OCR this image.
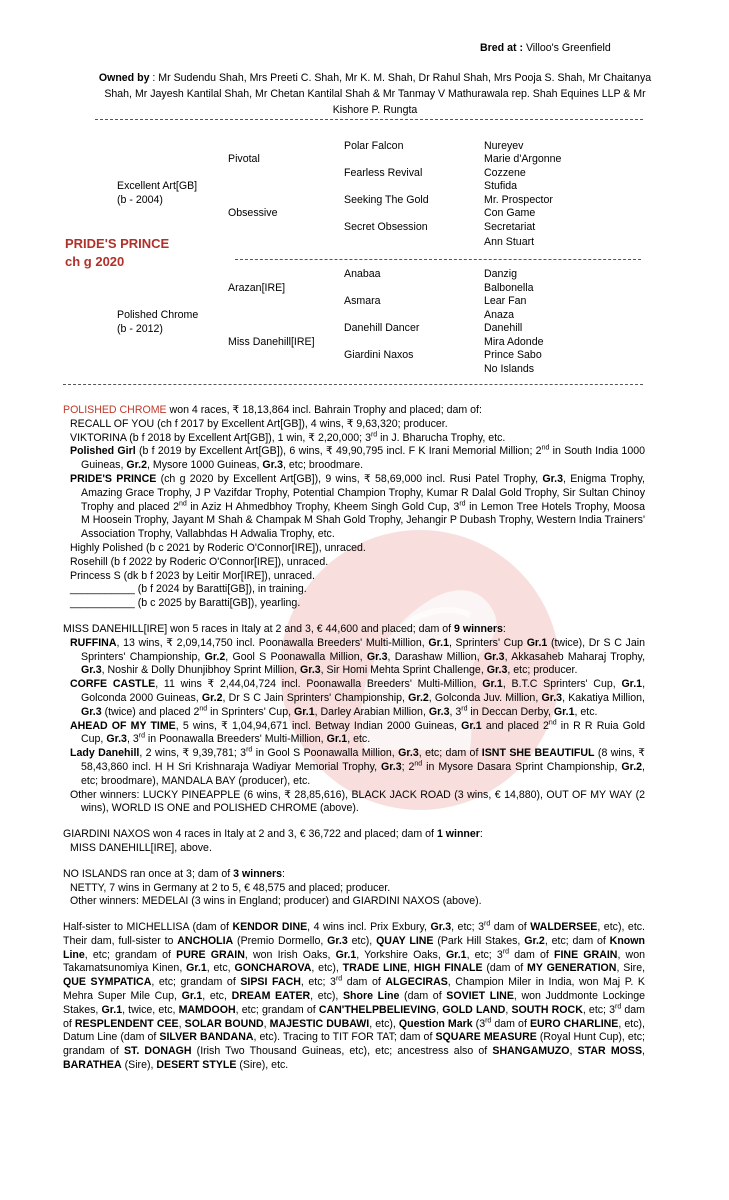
Bred at : Villoo's Greenfield
Owned by : Mr Sudendu Shah, Mrs Preeti C. Shah, Mr K. M. Shah, Dr Rahul Shah, Mrs Pooja S. Shah, Mr Chaitanya Shah, Mr Jayesh Kantilal Shah, Mr Chetan Kantilal Shah & Mr Tanmay V Mathurawala rep. Shah Equines LLP & Mr Kishore P. Rungta
Excellent Art[GB]
(b - 2004)
Polished Chrome
(b - 2012)
Pivotal
Obsessive
Arazan[IRE]
Miss Danehill[IRE]
Polar Falcon
Fearless Revival
Seeking The Gold
Secret Obsession
Anabaa
Asmara
Danehill Dancer
Giardini Naxos
Nureyev
Marie d'Argonne
Cozzene
Stufida
Mr. Prospector
Con Game
Secretariat
Ann Stuart
Danzig
Balbonella
Lear Fan
Anaza
Danehill
Mira Adonde
Prince Sabo
No Islands
PRIDE'S PRINCE
ch g 2020

POLISHED CHROME won 4 races, ₹ 18,13,864 incl. Bahrain Trophy and placed; dam of:

RECALL OF YOU (ch f 2017 by Excellent Art[GB]), 4 wins, ₹ 9,63,320; producer.

VIKTORINA (b f 2018 by Excellent Art[GB]), 1 win, ₹ 2,20,000; 3rd in J. Bharucha Trophy, etc.

Polished Girl (b f 2019 by Excellent Art[GB]), 6 wins, ₹ 49,90,795 incl. F K Irani Memorial Million; 2nd in South India 1000 Guineas, Gr.2, Mysore 1000 Guineas, Gr.3, etc; broodmare.

PRIDE'S PRINCE (ch g 2020 by Excellent Art[GB]), 9 wins, ₹ 58,69,000 incl. Rusi Patel Trophy, Gr.3, Enigma Trophy, Amazing Grace Trophy, J P Vazifdar Trophy, Potential Champion Trophy, Kumar R Dalal Gold Trophy, Sir Sultan Chinoy Trophy and placed 2nd in Aziz H Ahmedbhoy Trophy, Kheem Singh Gold Cup, 3rd in Lemon Tree Hotels Trophy, Moosa M Hoosein Trophy, Jayant M Shah & Champak M Shah Gold Trophy, Jehangir P Dubash Trophy, Western India Trainers' Association Trophy, Vallabhdas H Adwalia Trophy, etc.

Highly Polished (b c 2021 by Roderic O'Connor[IRE]), unraced.

Rosehill (b f 2022 by Roderic O'Connor[IRE]), unraced.

Princess S (dk b f 2023 by Leitir Mor[IRE]), unraced.

___________ (b f 2024 by Baratti[GB]), in training.

___________ (b c 2025 by Baratti[GB]), yearling.

MISS DANEHILL[IRE] won 5 races in Italy at 2 and 3, € 44,600 and placed; dam of 9 winners:

RUFFINA, 13 wins, ₹ 2,09,14,750 incl. Poonawalla Breeders' Multi-Million, Gr.1, Sprinters' Cup Gr.1 (twice), Dr S C Jain Sprinters' Championship, Gr.2, Gool S Poonawalla Million, Gr.3, Darashaw Million, Gr.3, Akkasaheb Maharaj Trophy, Gr.3, Noshir & Dolly Dhunjibhoy Sprint Million, Gr.3, Sir Homi Mehta Sprint Challenge, Gr.3, etc; producer.

CORFE CASTLE, 11 wins ₹ 2,44,04,724 incl. Poonawalla Breeders' Multi-Million, Gr.1, B.T.C Sprinters' Cup, Gr.1, Golconda 2000 Guineas, Gr.2, Dr S C Jain Sprinters' Championship, Gr.2, Golconda Juv. Million, Gr.3, Kakatiya Million, Gr.3 (twice) and placed 2nd in Sprinters' Cup, Gr.1, Darley Arabian Million, Gr.3, 3rd in Deccan Derby, Gr.1, etc.

AHEAD OF MY TIME, 5 wins, ₹ 1,04,94,671 incl. Betway Indian 2000 Guineas, Gr.1 and placed 2nd in R R Ruia Gold Cup, Gr.3, 3rd in Poonawalla Breeders' Multi-Million, Gr.1, etc.

Lady Danehill, 2 wins, ₹ 9,39,781; 3rd in Gool S Poonawalla Million, Gr.3, etc; dam of ISNT SHE BEAUTIFUL (8 wins, ₹ 58,43,860 incl. H H Sri Krishnaraja Wadiyar Memorial Trophy, Gr.3; 2nd in Mysore Dasara Sprint Championship, Gr.2, etc; broodmare), MANDALA BAY (producer), etc.

Other winners: LUCKY PINEAPPLE (6 wins, ₹ 28,85,616), BLACK JACK ROAD (3 wins, € 14,880), OUT OF MY WAY (2 wins), WORLD IS ONE and POLISHED CHROME (above).

GIARDINI NAXOS won 4 races in Italy at 2 and 3, € 36,722 and placed; dam of 1 winner:

MISS DANEHILL[IRE], above.

NO ISLANDS ran once at 3; dam of 3 winners:

NETTY, 7 wins in Germany at 2 to 5, € 48,575 and placed; producer.

Other winners: MEDELAI (3 wins in England; producer) and GIARDINI NAXOS (above).

Half-sister to MICHELLISA (dam of KENDOR DINE, 4 wins incl. Prix Exbury, Gr.3, etc; 3rd dam of WALDERSEE, etc), etc. Their dam, full-sister to ANCHOLIA (Premio Dormello, Gr.3 etc), QUAY LINE (Park Hill Stakes, Gr.2, etc; dam of Known Line, etc; grandam of PURE GRAIN, won Irish Oaks, Gr.1, Yorkshire Oaks, Gr.1, etc; 3rd dam of FINE GRAIN, won Takamatsunomiya Kinen, Gr.1, etc, GONCHAROVA, etc), TRADE LINE, HIGH FINALE (dam of MY GENERATION, Sire, QUE SYMPATICA, etc; grandam of SIPSI FACH, etc; 3rd dam of ALGECIRAS, Champion Miler in India, won Maj P. K Mehra Super Mile Cup, Gr.1, etc, DREAM EATER, etc), Shore Line (dam of SOVIET LINE, won Juddmonte Lockinge Stakes, Gr.1, twice, etc, MAMDOOH, etc; grandam of CAN'THELPBELIEVING, GOLD LAND, SOUTH ROCK, etc; 3rd dam of RESPLENDENT CEE, SOLAR BOUND, MAJESTIC DUBAWI, etc), Question Mark (3rd dam of EURO CHARLINE, etc), Datum Line (dam of SILVER BANDANA, etc). Tracing to TIT FOR TAT; dam of SQUARE MEASURE (Royal Hunt Cup), etc; grandam of ST. DONAGH (Irish Two Thousand Guineas, etc), etc; ancestress also of SHANGAMUZO, STAR MOSS, BARATHEA (Sire), DESERT STYLE (Sire), etc.
